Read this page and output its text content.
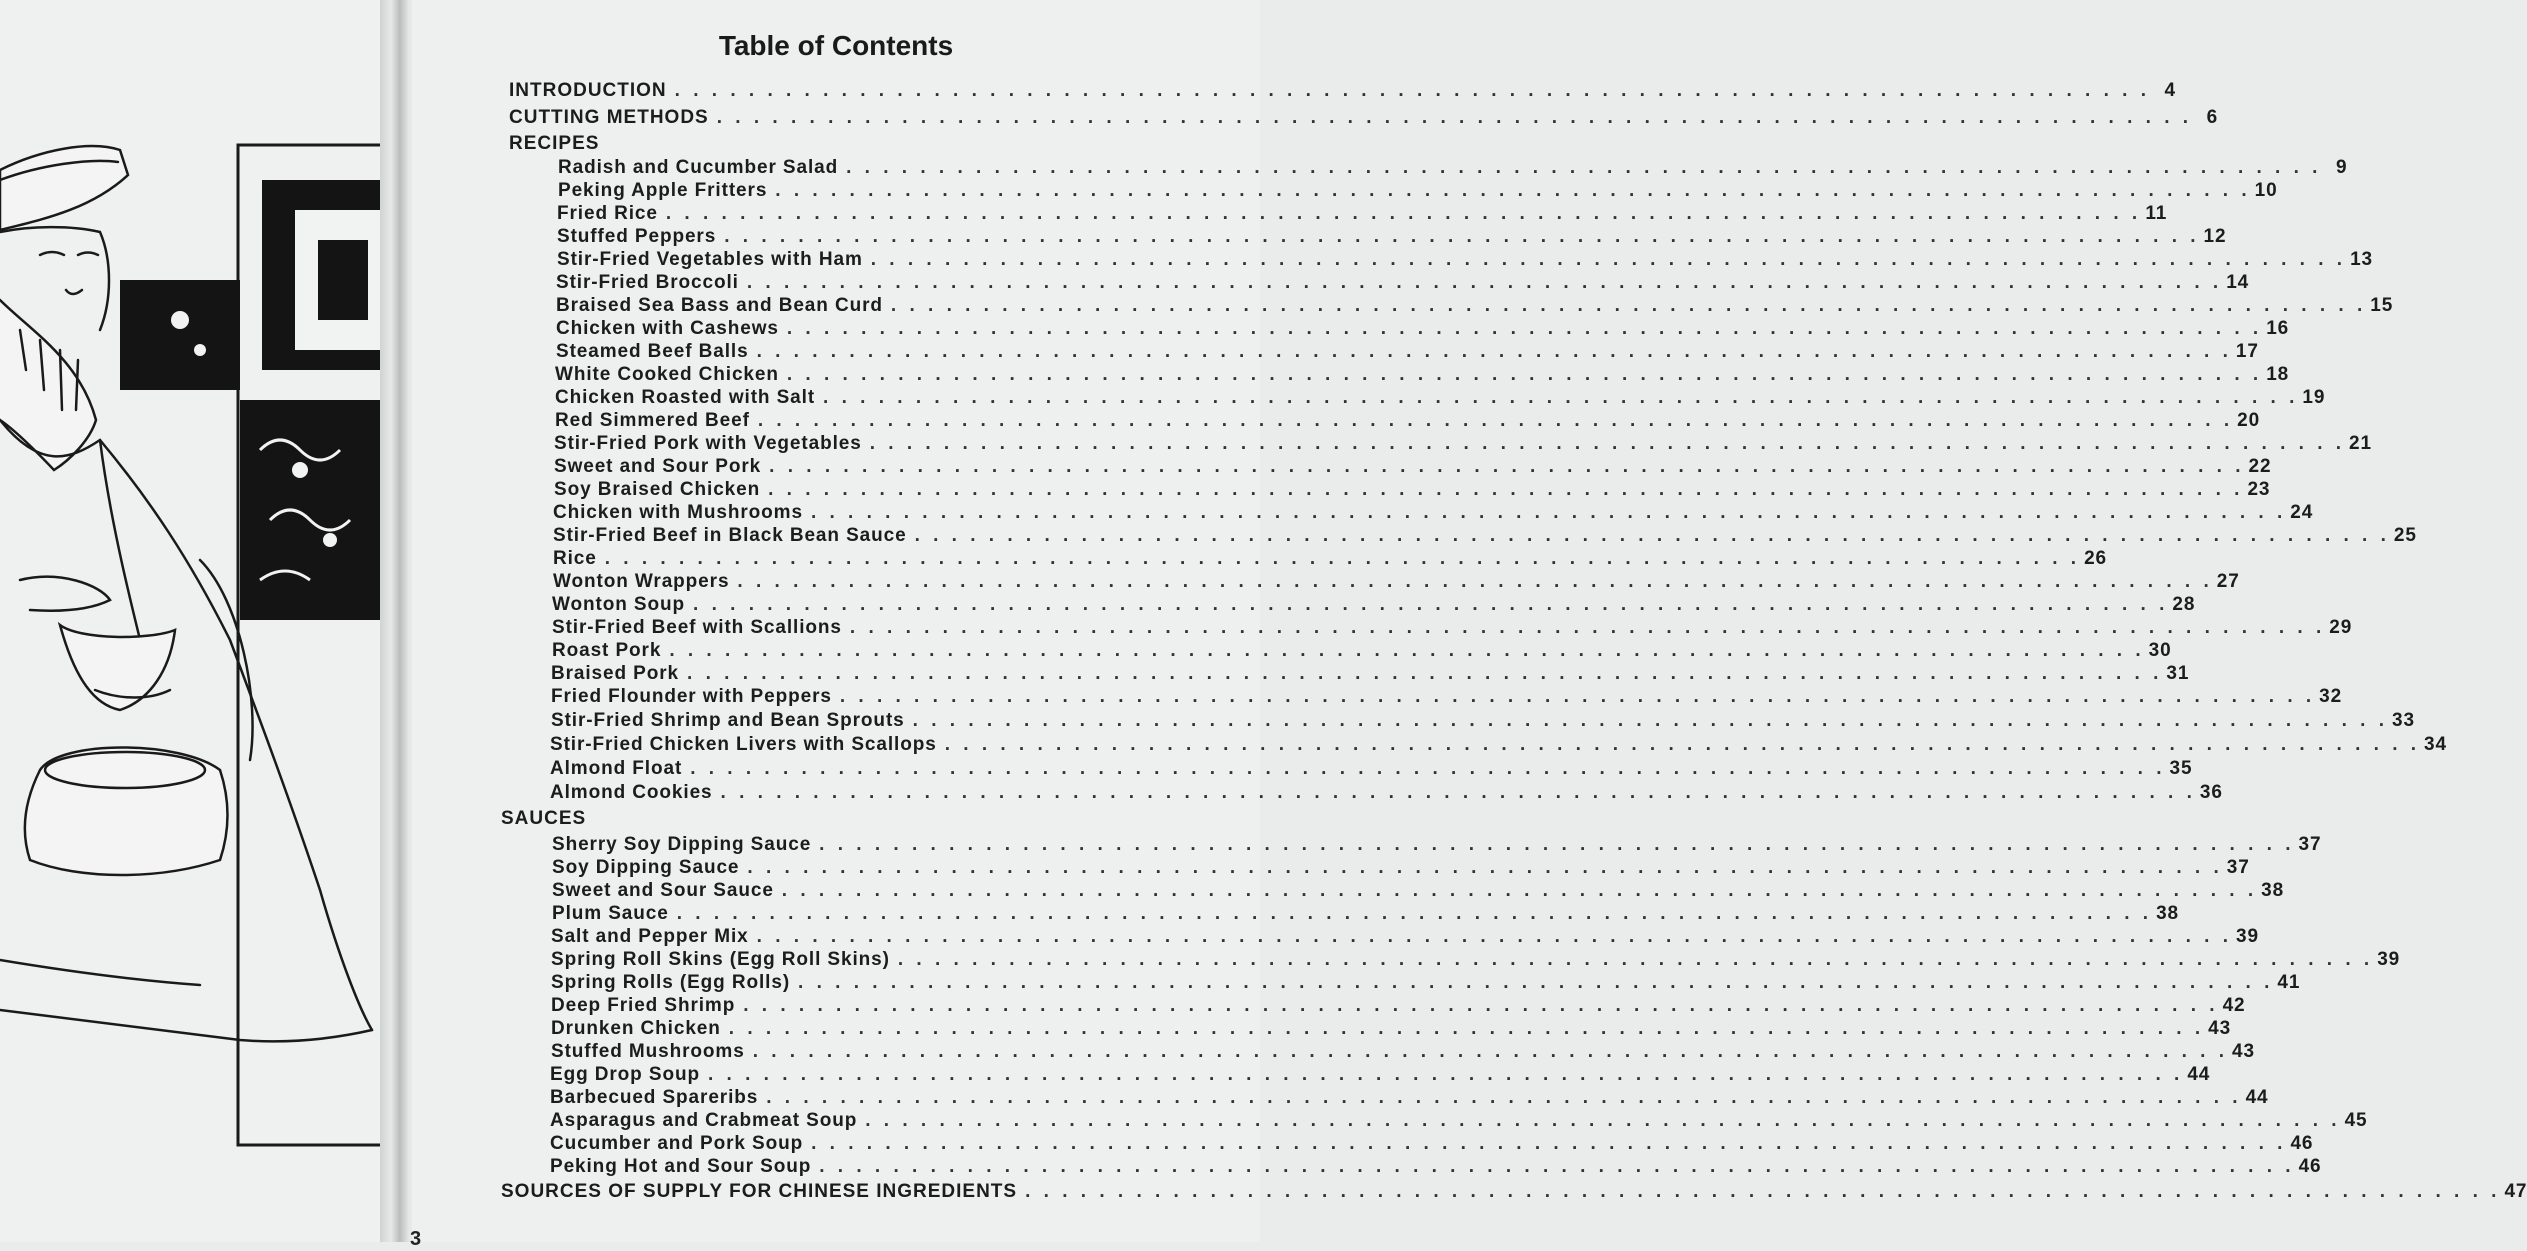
Table of Contents
INTRODUCTION . . . . . . . . . . . . . . . . . . . . . . . . . . . . . . . . . . . . . . . . . . . . . . . . . . . . . . . . . . . . . . . . . . . . . . . . . . . . . . . . 4
CUTTING METHODS . . . . . . . . . . . . . . . . . . . . . . . . . . . . . . . . . . . . . . . . . . . . . . . . . . . . . . . . . . . . . . . . . . . . . . . . . . . . . . . . 6
RECIPES
Radish and Cucumber Salad . . . . . . . . . . . . . . . . . . . . . . . . . . . . . . . . . . . . . . . . . . . . . . . . . . . . . . . . . . . . . . . . . . . . . . . . . . . . . . . . 9
Peking Apple Fritters . . . . . . . . . . . . . . . . . . . . . . . . . . . . . . . . . . . . . . . . . . . . . . . . . . . . . . . . . . . . . . . . . . . . . . . . . . . . . . . . 10
Fried Rice . . . . . . . . . . . . . . . . . . . . . . . . . . . . . . . . . . . . . . . . . . . . . . . . . . . . . . . . . . . . . . . . . . . . . . . . . . . . . . . . 11
Stuffed Peppers . . . . . . . . . . . . . . . . . . . . . . . . . . . . . . . . . . . . . . . . . . . . . . . . . . . . . . . . . . . . . . . . . . . . . . . . . . . . . . . . 12
Stir-Fried Vegetables with Ham . . . . . . . . . . . . . . . . . . . . . . . . . . . . . . . . . . . . . . . . . . . . . . . . . . . . . . . . . . . . . . . . . . . . . . . . . . . . . . . . 13
Stir-Fried Broccoli . . . . . . . . . . . . . . . . . . . . . . . . . . . . . . . . . . . . . . . . . . . . . . . . . . . . . . . . . . . . . . . . . . . . . . . . . . . . . . . . 14
Braised Sea Bass and Bean Curd . . . . . . . . . . . . . . . . . . . . . . . . . . . . . . . . . . . . . . . . . . . . . . . . . . . . . . . . . . . . . . . . . . . . . . . . . . . . . . . . 15
Chicken with Cashews . . . . . . . . . . . . . . . . . . . . . . . . . . . . . . . . . . . . . . . . . . . . . . . . . . . . . . . . . . . . . . . . . . . . . . . . . . . . . . . . 16
Steamed Beef Balls . . . . . . . . . . . . . . . . . . . . . . . . . . . . . . . . . . . . . . . . . . . . . . . . . . . . . . . . . . . . . . . . . . . . . . . . . . . . . . . . 17
White Cooked Chicken . . . . . . . . . . . . . . . . . . . . . . . . . . . . . . . . . . . . . . . . . . . . . . . . . . . . . . . . . . . . . . . . . . . . . . . . . . . . . . . . 18
Chicken Roasted with Salt . . . . . . . . . . . . . . . . . . . . . . . . . . . . . . . . . . . . . . . . . . . . . . . . . . . . . . . . . . . . . . . . . . . . . . . . . . . . . . . . 19
Red Simmered Beef . . . . . . . . . . . . . . . . . . . . . . . . . . . . . . . . . . . . . . . . . . . . . . . . . . . . . . . . . . . . . . . . . . . . . . . . . . . . . . . . 20
Stir-Fried Pork with Vegetables . . . . . . . . . . . . . . . . . . . . . . . . . . . . . . . . . . . . . . . . . . . . . . . . . . . . . . . . . . . . . . . . . . . . . . . . . . . . . . . . 21
Sweet and Sour Pork . . . . . . . . . . . . . . . . . . . . . . . . . . . . . . . . . . . . . . . . . . . . . . . . . . . . . . . . . . . . . . . . . . . . . . . . . . . . . . . . 22
Soy Braised Chicken . . . . . . . . . . . . . . . . . . . . . . . . . . . . . . . . . . . . . . . . . . . . . . . . . . . . . . . . . . . . . . . . . . . . . . . . . . . . . . . . 23
Chicken with Mushrooms . . . . . . . . . . . . . . . . . . . . . . . . . . . . . . . . . . . . . . . . . . . . . . . . . . . . . . . . . . . . . . . . . . . . . . . . . . . . . . . . 24
Stir-Fried Beef in Black Bean Sauce . . . . . . . . . . . . . . . . . . . . . . . . . . . . . . . . . . . . . . . . . . . . . . . . . . . . . . . . . . . . . . . . . . . . . . . . . . . . . . . . 25
Rice . . . . . . . . . . . . . . . . . . . . . . . . . . . . . . . . . . . . . . . . . . . . . . . . . . . . . . . . . . . . . . . . . . . . . . . . . . . . . . . . 26
Wonton Wrappers . . . . . . . . . . . . . . . . . . . . . . . . . . . . . . . . . . . . . . . . . . . . . . . . . . . . . . . . . . . . . . . . . . . . . . . . . . . . . . . . 27
Wonton Soup . . . . . . . . . . . . . . . . . . . . . . . . . . . . . . . . . . . . . . . . . . . . . . . . . . . . . . . . . . . . . . . . . . . . . . . . . . . . . . . . 28
Stir-Fried Beef with Scallions . . . . . . . . . . . . . . . . . . . . . . . . . . . . . . . . . . . . . . . . . . . . . . . . . . . . . . . . . . . . . . . . . . . . . . . . . . . . . . . . 29
Roast Pork . . . . . . . . . . . . . . . . . . . . . . . . . . . . . . . . . . . . . . . . . . . . . . . . . . . . . . . . . . . . . . . . . . . . . . . . . . . . . . . . 30
Braised Pork . . . . . . . . . . . . . . . . . . . . . . . . . . . . . . . . . . . . . . . . . . . . . . . . . . . . . . . . . . . . . . . . . . . . . . . . . . . . . . . . 31
Fried Flounder with Peppers . . . . . . . . . . . . . . . . . . . . . . . . . . . . . . . . . . . . . . . . . . . . . . . . . . . . . . . . . . . . . . . . . . . . . . . . . . . . . . . . 32
Stir-Fried Shrimp and Bean Sprouts . . . . . . . . . . . . . . . . . . . . . . . . . . . . . . . . . . . . . . . . . . . . . . . . . . . . . . . . . . . . . . . . . . . . . . . . . . . . . . . . 33
Stir-Fried Chicken Livers with Scallops . . . . . . . . . . . . . . . . . . . . . . . . . . . . . . . . . . . . . . . . . . . . . . . . . . . . . . . . . . . . . . . . . . . . . . . . . . . . . . . . 34
Almond Float . . . . . . . . . . . . . . . . . . . . . . . . . . . . . . . . . . . . . . . . . . . . . . . . . . . . . . . . . . . . . . . . . . . . . . . . . . . . . . . . 35
Almond Cookies . . . . . . . . . . . . . . . . . . . . . . . . . . . . . . . . . . . . . . . . . . . . . . . . . . . . . . . . . . . . . . . . . . . . . . . . . . . . . . . . 36
SAUCES
Sherry Soy Dipping Sauce . . . . . . . . . . . . . . . . . . . . . . . . . . . . . . . . . . . . . . . . . . . . . . . . . . . . . . . . . . . . . . . . . . . . . . . . . . . . . . . . 37
Soy Dipping Sauce . . . . . . . . . . . . . . . . . . . . . . . . . . . . . . . . . . . . . . . . . . . . . . . . . . . . . . . . . . . . . . . . . . . . . . . . . . . . . . . . 37
Sweet and Sour Sauce . . . . . . . . . . . . . . . . . . . . . . . . . . . . . . . . . . . . . . . . . . . . . . . . . . . . . . . . . . . . . . . . . . . . . . . . . . . . . . . . 38
Plum Sauce . . . . . . . . . . . . . . . . . . . . . . . . . . . . . . . . . . . . . . . . . . . . . . . . . . . . . . . . . . . . . . . . . . . . . . . . . . . . . . . . 38
Salt and Pepper Mix . . . . . . . . . . . . . . . . . . . . . . . . . . . . . . . . . . . . . . . . . . . . . . . . . . . . . . . . . . . . . . . . . . . . . . . . . . . . . . . . 39
Spring Roll Skins (Egg Roll Skins) . . . . . . . . . . . . . . . . . . . . . . . . . . . . . . . . . . . . . . . . . . . . . . . . . . . . . . . . . . . . . . . . . . . . . . . . . . . . . . . . 39
Spring Rolls (Egg Rolls) . . . . . . . . . . . . . . . . . . . . . . . . . . . . . . . . . . . . . . . . . . . . . . . . . . . . . . . . . . . . . . . . . . . . . . . . . . . . . . . . 41
Deep Fried Shrimp . . . . . . . . . . . . . . . . . . . . . . . . . . . . . . . . . . . . . . . . . . . . . . . . . . . . . . . . . . . . . . . . . . . . . . . . . . . . . . . . 42
Drunken Chicken . . . . . . . . . . . . . . . . . . . . . . . . . . . . . . . . . . . . . . . . . . . . . . . . . . . . . . . . . . . . . . . . . . . . . . . . . . . . . . . . 43
Stuffed Mushrooms . . . . . . . . . . . . . . . . . . . . . . . . . . . . . . . . . . . . . . . . . . . . . . . . . . . . . . . . . . . . . . . . . . . . . . . . . . . . . . . . 43
Egg Drop Soup . . . . . . . . . . . . . . . . . . . . . . . . . . . . . . . . . . . . . . . . . . . . . . . . . . . . . . . . . . . . . . . . . . . . . . . . . . . . . . . . 44
Barbecued Spareribs . . . . . . . . . . . . . . . . . . . . . . . . . . . . . . . . . . . . . . . . . . . . . . . . . . . . . . . . . . . . . . . . . . . . . . . . . . . . . . . . 44
Asparagus and Crabmeat Soup . . . . . . . . . . . . . . . . . . . . . . . . . . . . . . . . . . . . . . . . . . . . . . . . . . . . . . . . . . . . . . . . . . . . . . . . . . . . . . . . 45
Cucumber and Pork Soup . . . . . . . . . . . . . . . . . . . . . . . . . . . . . . . . . . . . . . . . . . . . . . . . . . . . . . . . . . . . . . . . . . . . . . . . . . . . . . . . 46
Peking Hot and Sour Soup . . . . . . . . . . . . . . . . . . . . . . . . . . . . . . . . . . . . . . . . . . . . . . . . . . . . . . . . . . . . . . . . . . . . . . . . . . . . . . . . 46
SOURCES OF SUPPLY FOR CHINESE INGREDIENTS . . . . . . . . . . . . . . . . . . . . . . . . . . . . . . . . . . . . . . . . . . . . . . . . . . . . . . . . . . . . . . . . . . . . . . . . . . . . . . . . 47
3
